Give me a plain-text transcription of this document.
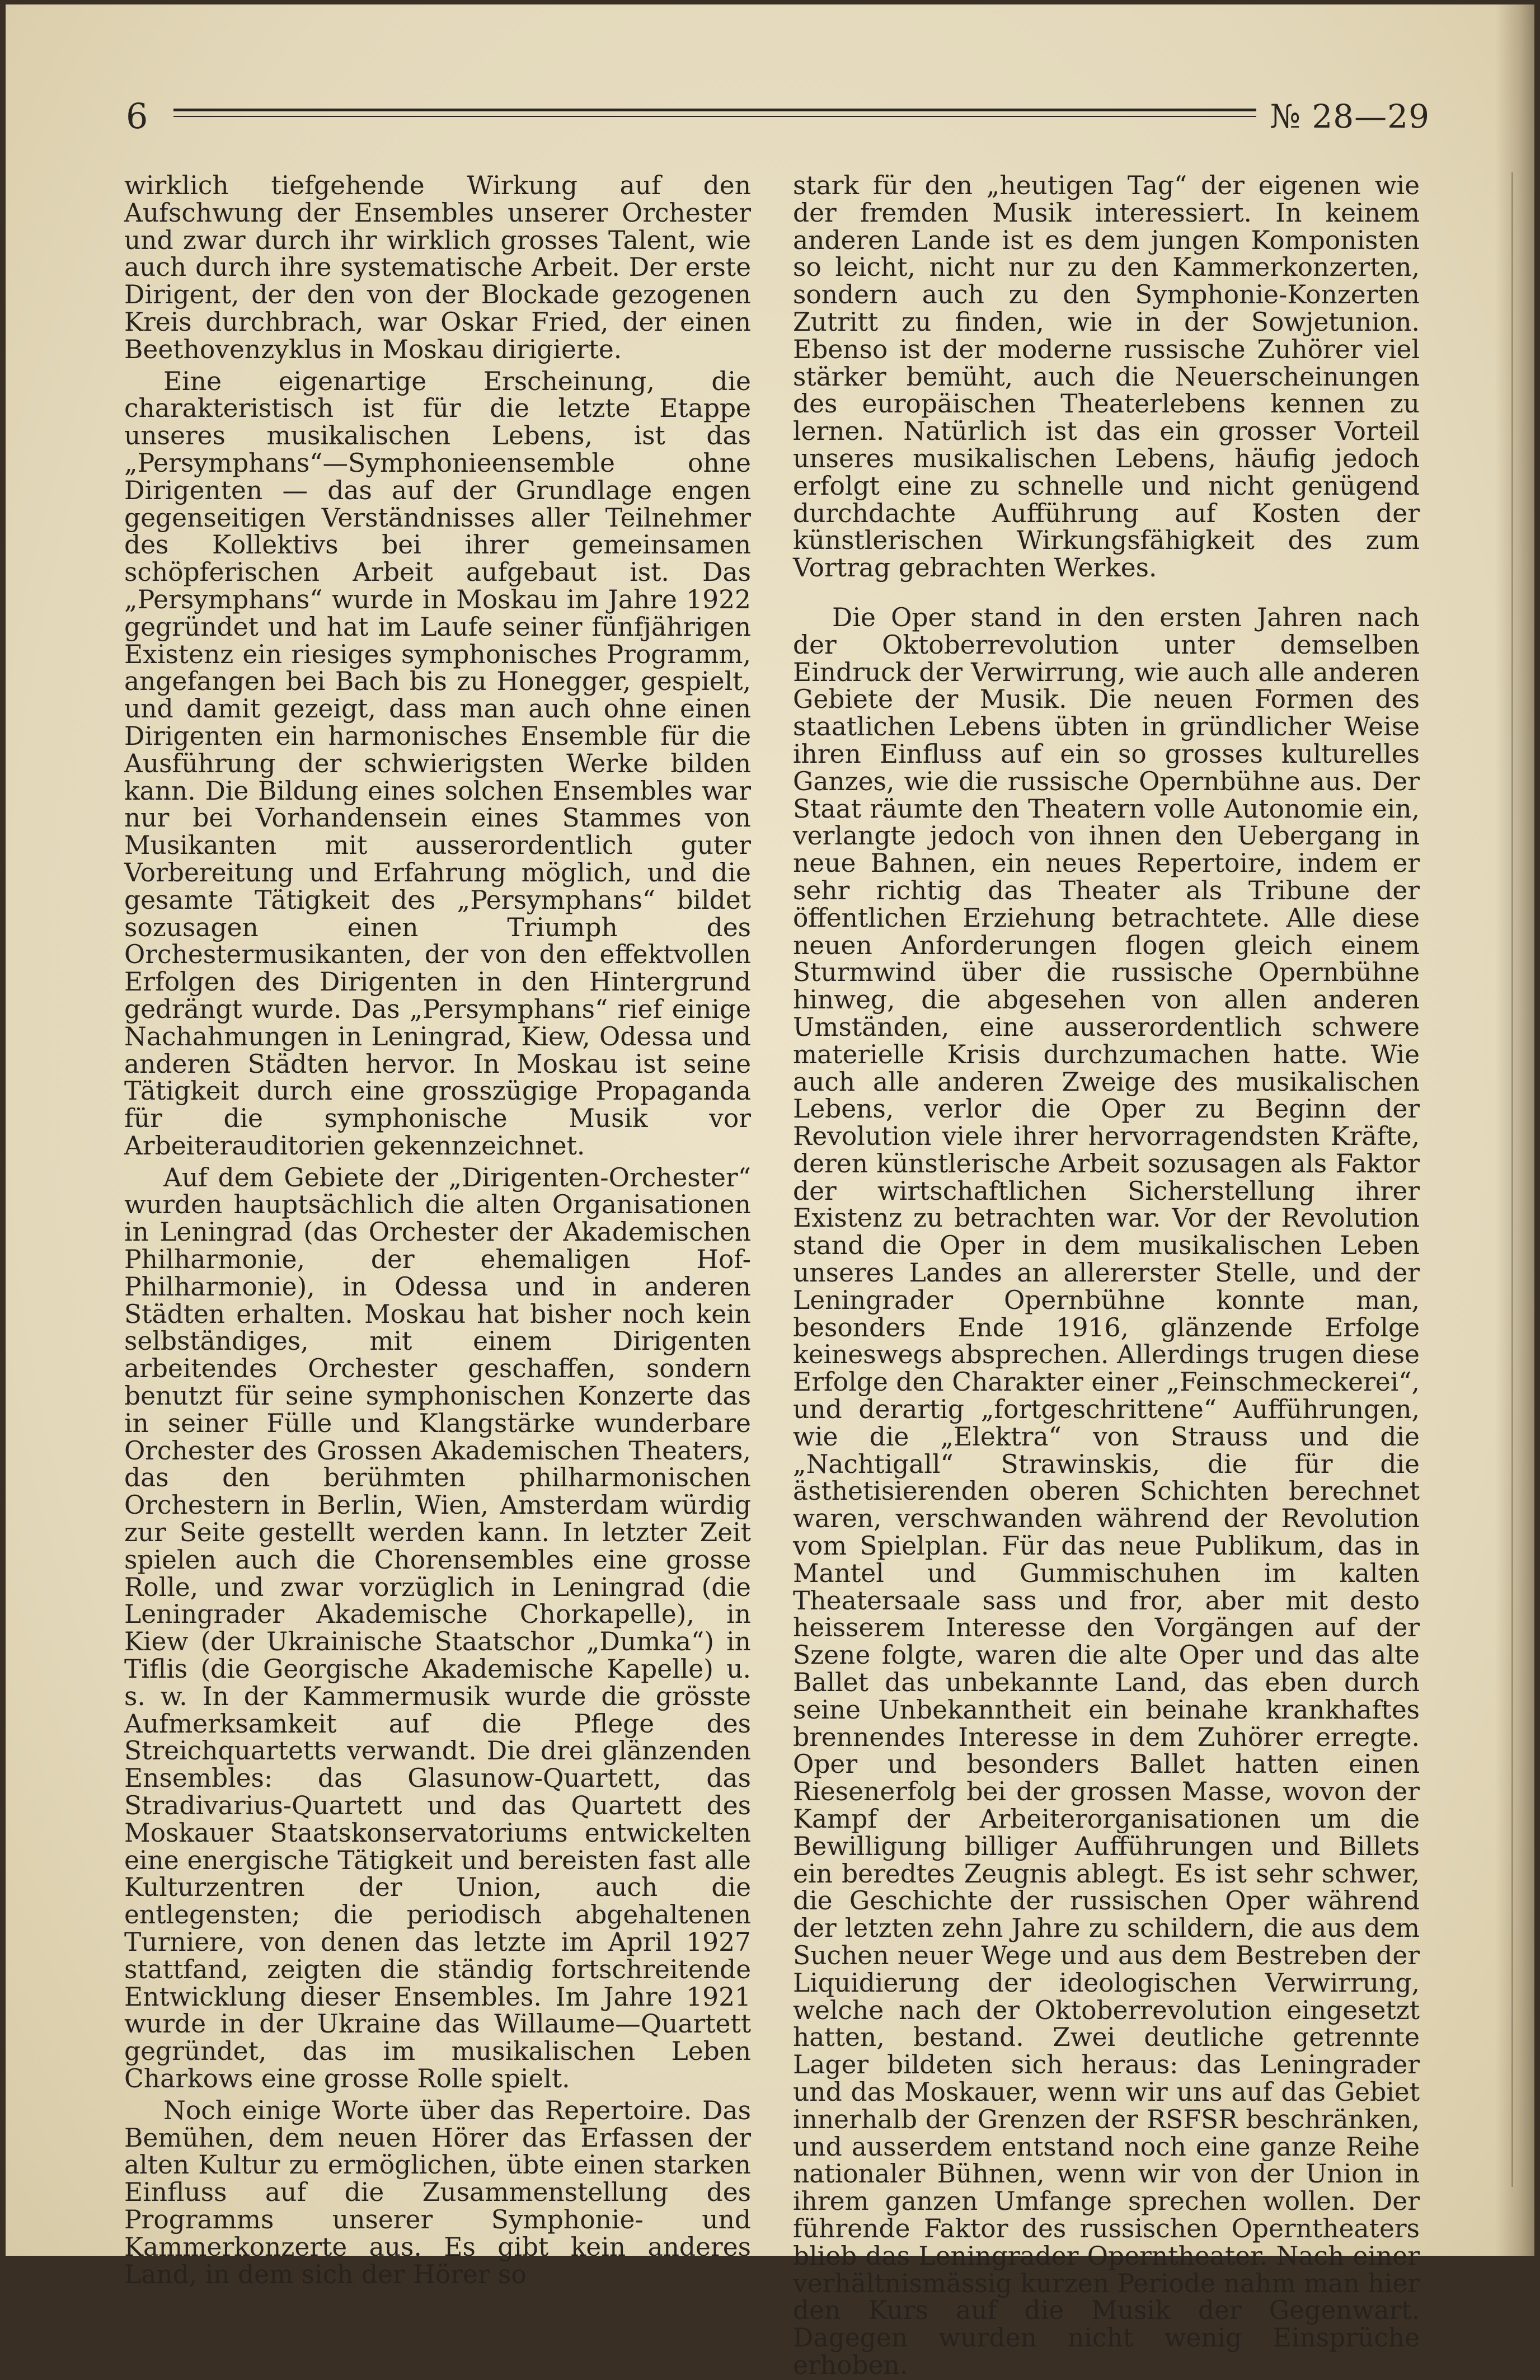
6	№ 28—29

wirklich tiefgehende Wirkung auf den Aufschwung der Ensembles unserer Orchester und zwar durch ihr wirklich grosses Talent, wie auch durch ihre systematische Arbeit. Der erste Dirigent, der den von der Blockade gezogenen Kreis durchbrach, war Oskar Fried, der einen Beethovenzyklus in Moskau dirigierte.

Eine eigenartige Erscheinung, die charakteristisch ist für die letzte Etappe unseres musikalischen Lebens, ist das „Persymphans“—Symphonieensemble ohne Dirigenten — das auf der Grundlage engen gegenseitigen Verständnisses aller Teilnehmer des Kollektivs bei ihrer gemeinsamen schöpferischen Arbeit aufgebaut ist. Das „Persymphans“ wurde in Moskau im Jahre 1922 gegründet und hat im Laufe seiner fünfjährigen Existenz ein riesiges symphonisches Programm, angefangen bei Bach bis zu Honegger, gespielt, und damit gezeigt, dass man auch ohne einen Dirigenten ein harmonisches Ensemble für die Ausführung der schwierigsten Werke bilden kann. Die Bildung eines solchen Ensembles war nur bei Vorhandensein eines Stammes von Musikanten mit ausserordentlich guter Vorbereitung und Erfahrung möglich, und die gesamte Tätigkeit des „Persymphans“ bildet sozusagen einen Triumph des Orchestermusikanten, der von den effektvollen Erfolgen des Dirigenten in den Hintergrund gedrängt wurde. Das „Persymphans“ rief einige Nachahmungen in Leningrad, Kiew, Odessa und anderen Städten hervor. In Moskau ist seine Tätigkeit durch eine grosszügige Propaganda für die symphonische Musik vor Arbeiterauditorien gekennzeichnet.

Auf dem Gebiete der „Dirigenten-Orchester“ wurden hauptsächlich die alten Organisationen in Leningrad (das Orchester der Akademischen Philharmonie, der ehemaligen Hof-Philharmonie), in Odessa und in anderen Städten erhalten. Moskau hat bisher noch kein selbständiges, mit einem Dirigenten arbeitendes Orchester geschaffen, sondern benutzt für seine symphonischen Konzerte das in seiner Fülle und Klangstärke wunderbare Orchester des Grossen Akademischen Theaters, das den berühmten philharmonischen Orchestern in Berlin, Wien, Amsterdam würdig zur Seite gestellt werden kann. In letzter Zeit spielen auch die Chorensembles eine grosse Rolle, und zwar vorzüglich in Leningrad (die Leningrader Akademische Chorkapelle), in Kiew (der Ukrainische Staatschor „Dumka“) in Tiflis (die Georgische Akademische Kapelle) u. s. w. In der Kammermusik wurde die grösste Aufmerksamkeit auf die Pflege des Streichquartetts verwandt. Die drei glänzenden Ensembles: das Glasunow-Quartett, das Stradivarius-Quartett und das Quartett des Moskauer Staatskonservatoriums entwickelten eine energische Tätigkeit und bereisten fast alle Kulturzentren der Union, auch die entlegensten; die periodisch abgehaltenen Turniere, von denen das letzte im April 1927 stattfand, zeigten die ständig fortschreitende Entwicklung dieser Ensembles. Im Jahre 1921 wurde in der Ukraine das Willaume—Quartett gegründet, das im musikalischen Leben Charkows eine grosse Rolle spielt.

Noch einige Worte über das Repertoire. Das Bemühen, dem neuen Hörer das Erfassen der alten Kultur zu ermöglichen, übte einen starken Einfluss auf die Zusammenstellung des Programms unserer Symphonie- und Kammerkonzerte aus. Es gibt kein anderes Land, in dem sich der Hörer so

stark für den „heutigen Tag“ der eigenen wie der fremden Musik interessiert. In keinem anderen Lande ist es dem jungen Komponisten so leicht, nicht nur zu den Kammerkonzerten, sondern auch zu den Symphonie-Konzerten Zutritt zu finden, wie in der Sowjetunion. Ebenso ist der moderne russische Zuhörer viel stärker bemüht, auch die Neuerscheinungen des europäischen Theaterlebens kennen zu lernen. Natürlich ist das ein grosser Vorteil unseres musikalischen Lebens, häufig jedoch erfolgt eine zu schnelle und nicht genügend durchdachte Aufführung auf Kosten der künstlerischen Wirkungsfähigkeit des zum Vortrag gebrachten Werkes.

Die Oper stand in den ersten Jahren nach der Oktoberrevolution unter demselben Eindruck der Verwirrung, wie auch alle anderen Gebiete der Musik. Die neuen Formen des staatlichen Lebens übten in gründlicher Weise ihren Einfluss auf ein so grosses kulturelles Ganzes, wie die russische Opernbühne aus. Der Staat räumte den Theatern volle Autonomie ein, verlangte jedoch von ihnen den Uebergang in neue Bahnen, ein neues Repertoire, indem er sehr richtig das Theater als Tribune der öffentlichen Erziehung betrachtete. Alle diese neuen Anforderungen flogen gleich einem Sturmwind über die russische Opernbühne hinweg, die abgesehen von allen anderen Umständen, eine ausserordentlich schwere materielle Krisis durchzumachen hatte. Wie auch alle anderen Zweige des musikalischen Lebens, verlor die Oper zu Beginn der Revolution viele ihrer hervorragendsten Kräfte, deren künstlerische Arbeit sozusagen als Faktor der wirtschaftlichen Sicherstellung ihrer Existenz zu betrachten war. Vor der Revolution stand die Oper in dem musikalischen Leben unseres Landes an allererster Stelle, und der Leningrader Opernbühne konnte man, besonders Ende 1916, glänzende Erfolge keineswegs absprechen. Allerdings trugen diese Erfolge den Charakter einer „Feinschmeckerei“, und derartig „fortgeschrittene“ Aufführungen, wie die „Elektra“ von Strauss und die „Nachtigall“ Strawinskis, die für die ästhetisierenden oberen Schichten berechnet waren, verschwanden während der Revolution vom Spielplan. Für das neue Publikum, das in Mantel und Gummischuhen im kalten Theatersaale sass und fror, aber mit desto heisserem Interesse den Vorgängen auf der Szene folgte, waren die alte Oper und das alte Ballet das unbekannte Land, das eben durch seine Unbekanntheit ein beinahe krankhaftes brennendes Interesse in dem Zuhörer erregte. Oper und besonders Ballet hatten einen Riesenerfolg bei der grossen Masse, wovon der Kampf der Arbeiterorganisationen um die Bewilligung billiger Aufführungen und Billets ein beredtes Zeugnis ablegt. Es ist sehr schwer, die Geschichte der russischen Oper während der letzten zehn Jahre zu schildern, die aus dem Suchen neuer Wege und aus dem Bestreben der Liquidierung der ideologischen Verwirrung, welche nach der Oktoberrevolution eingesetzt hatten, bestand. Zwei deutliche getrennte Lager bildeten sich heraus: das Leningrader und das Moskauer, wenn wir uns auf das Gebiet innerhalb der Grenzen der RSFSR beschränken, und ausserdem entstand noch eine ganze Reihe nationaler Bühnen, wenn wir von der Union in ihrem ganzen Umfange sprechen wollen. Der führende Faktor des russischen Operntheaters blieb das Leningrader Operntheater. Nach einer verhältnismässig kurzen Periode nahm man hier den Kurs auf die Musik der Gegenwart. Dagegen wurden nicht wenig Einsprüche erhoben.
